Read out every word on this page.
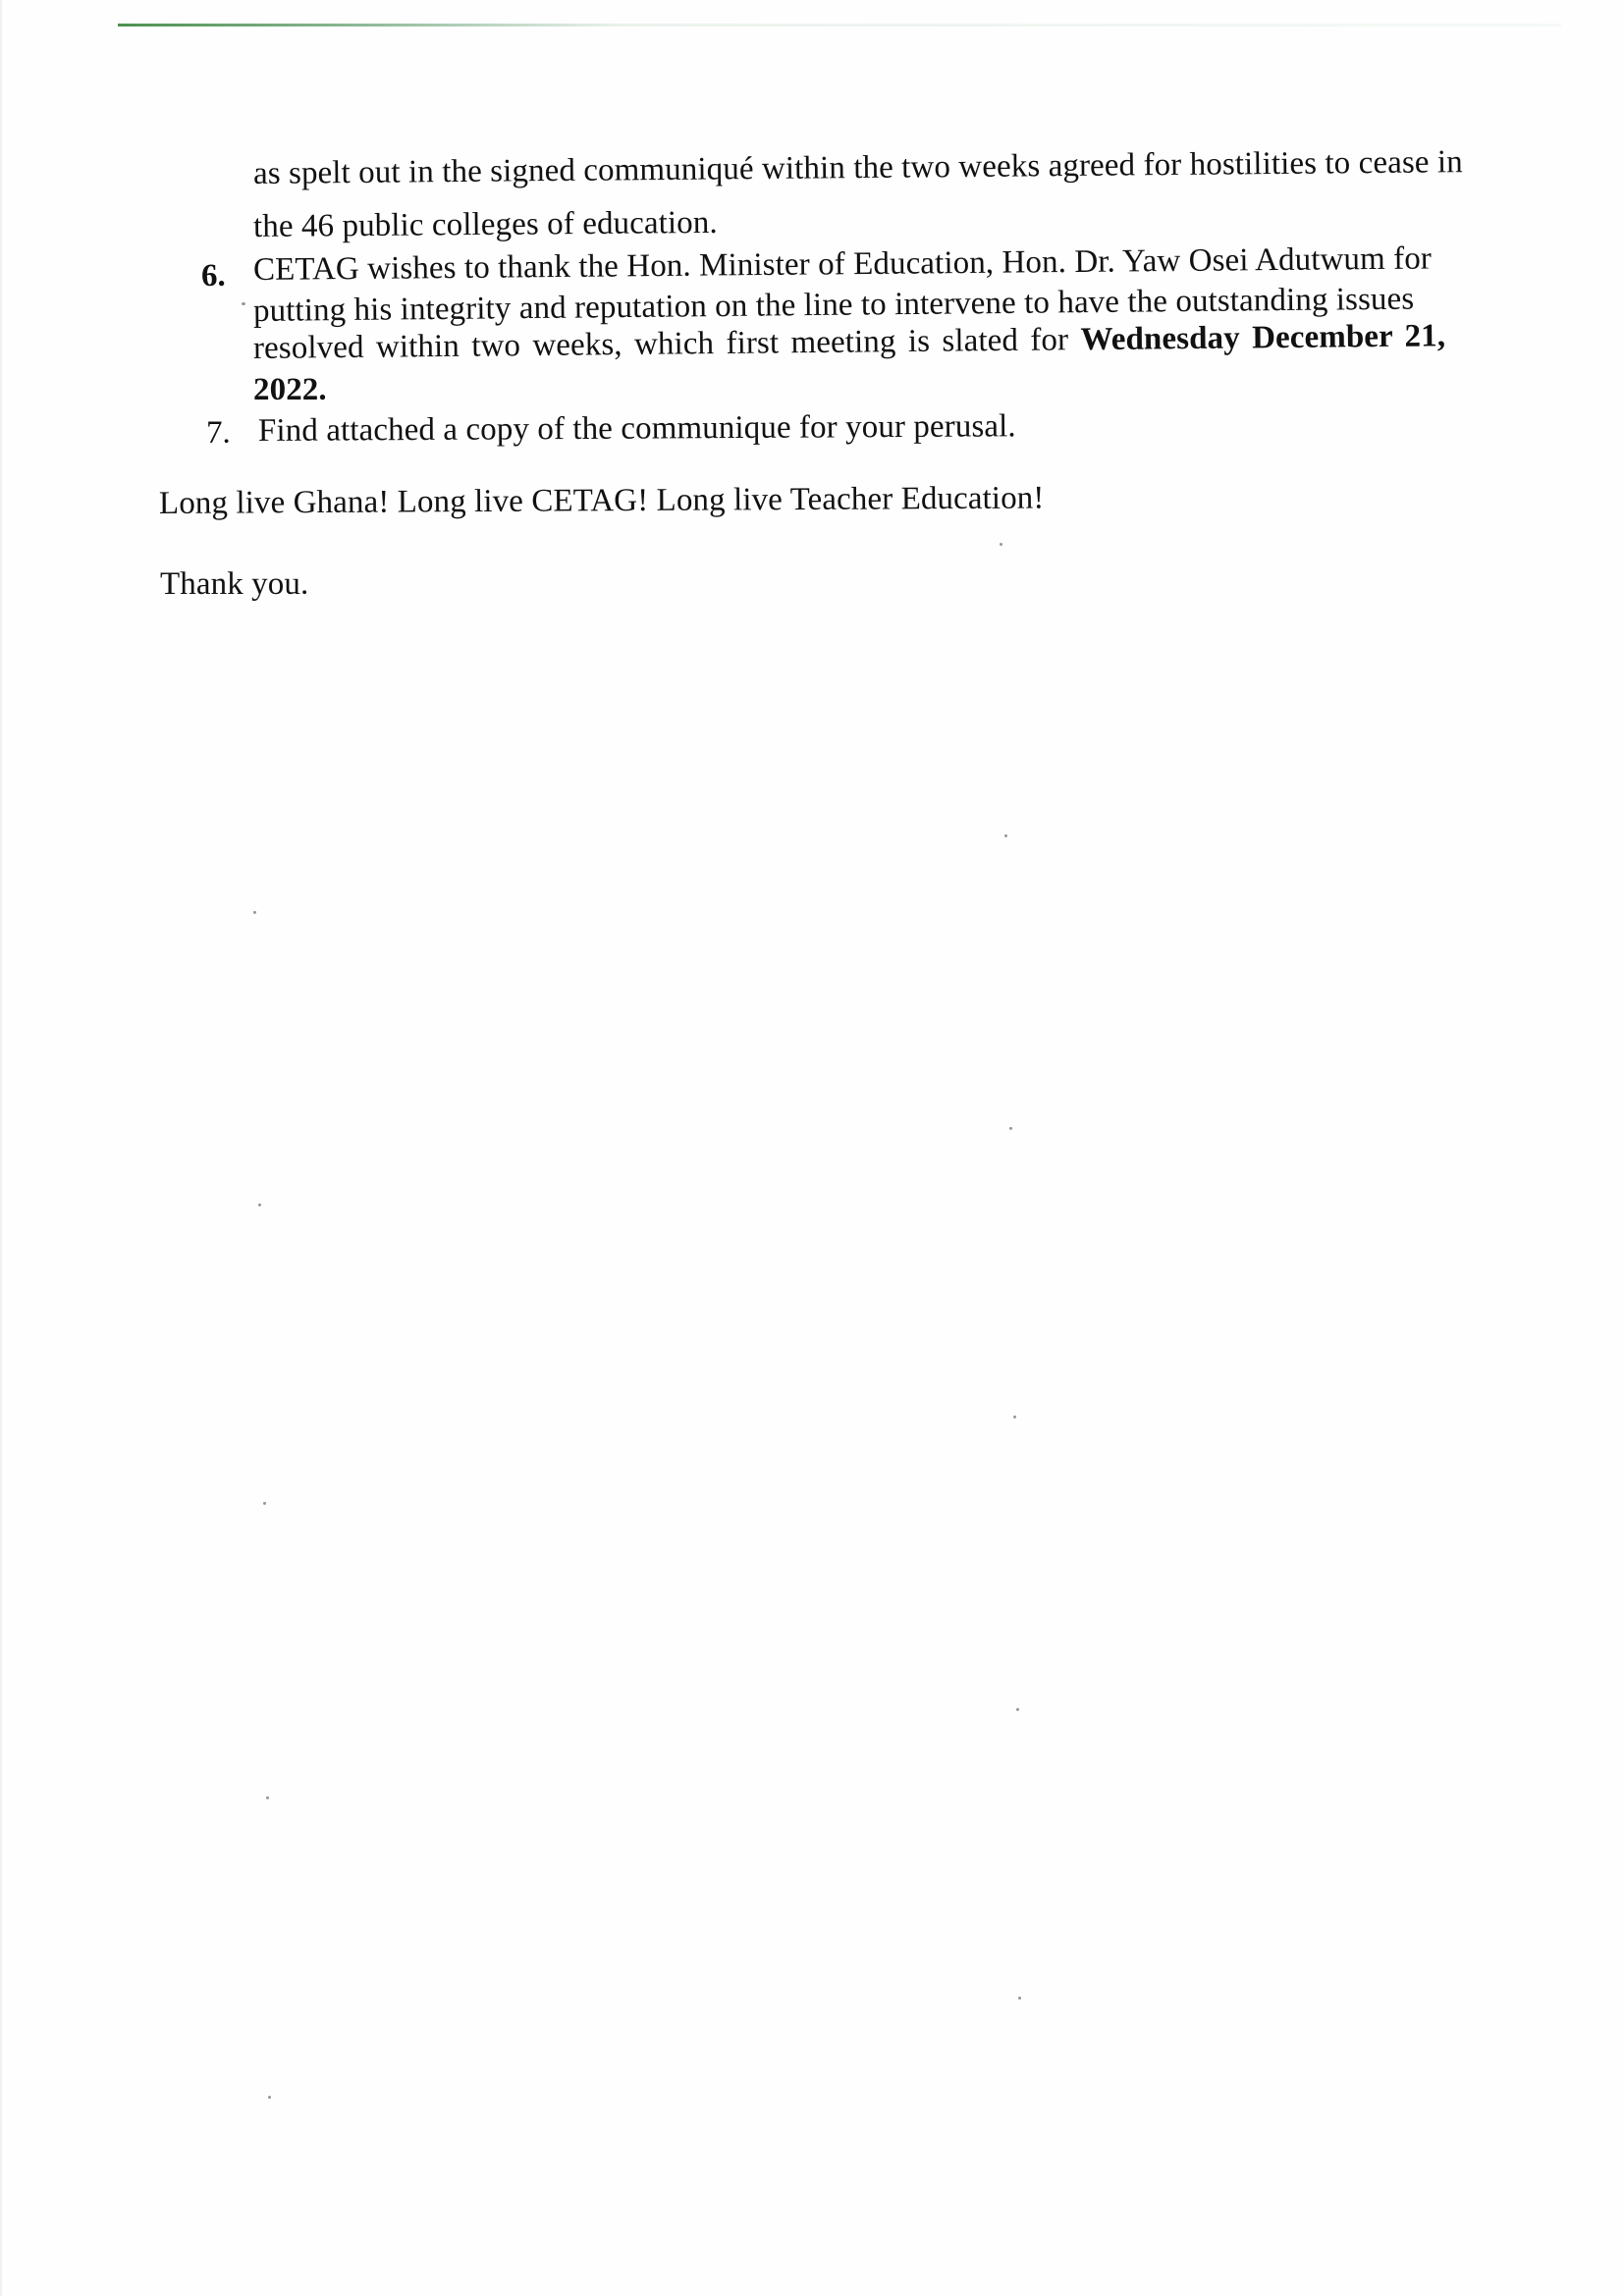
as spelt out in the signed communiqué within the two weeks agreed for hostilities to cease in
the 46 public colleges of education.
6. CETAG wishes to thank the Hon. Minister of Education, Hon. Dr. Yaw Osei Adutwum for
putting his integrity and reputation on the line to intervene to have the outstanding issues
resolved within two weeks, which first meeting is slated for Wednesday December 21,
2022.
7. Find attached a copy of the communique for your perusal.
Long live Ghana! Long live CETAG! Long live Teacher Education!
Thank you.
